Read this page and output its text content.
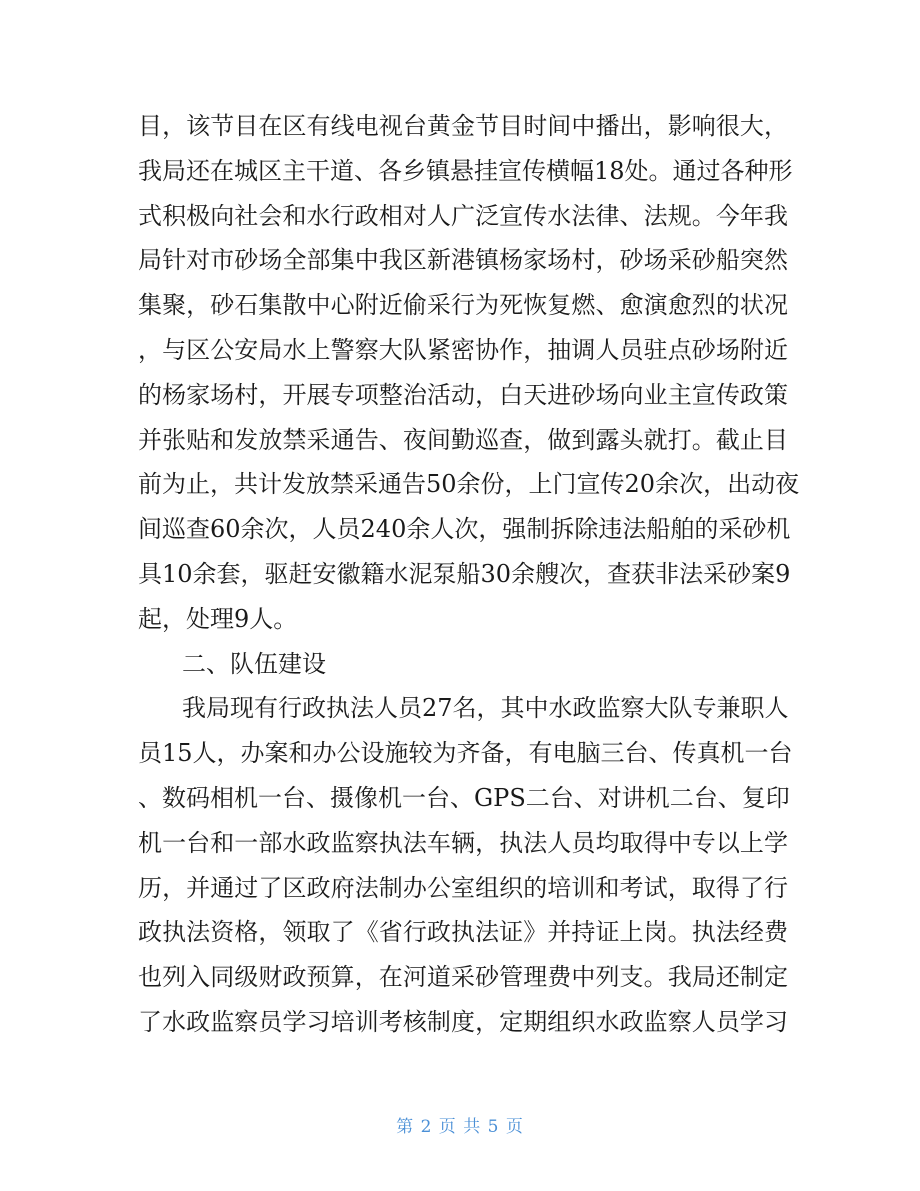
目，该节目在区有线电视台黄金节目时间中播出，影响很大，
我局还在城区主干道、各乡镇悬挂宣传横幅18处。通过各种形
式积极向社会和水行政相对人广泛宣传水法律、法规。今年我
局针对市砂场全部集中我区新港镇杨家场村，砂场采砂船突然
集聚，砂石集散中心附近偷采行为死恢复燃、愈演愈烈的状况
，与区公安局水上警察大队紧密协作，抽调人员驻点砂场附近
的杨家场村，开展专项整治活动，白天进砂场向业主宣传政策
并张贴和发放禁采通告、夜间勤巡查，做到露头就打。截止目
前为止，共计发放禁采通告50余份，上门宣传20余次，出动夜
间巡查60余次，人员240余人次，强制拆除违法船舶的采砂机
具10余套，驱赶安徽籍水泥泵船30余艘次，查获非法采砂案9
起，处理9人。
二、队伍建设
我局现有行政执法人员27名，其中水政监察大队专兼职人
员15人，办案和办公设施较为齐备，有电脑三台、传真机一台
、数码相机一台、摄像机一台、GPS二台、对讲机二台、复印
机一台和一部水政监察执法车辆，执法人员均取得中专以上学
历，并通过了区政府法制办公室组织的培训和考试，取得了行
政执法资格，领取了《省行政执法证》并持证上岗。执法经费
也列入同级财政预算，在河道采砂管理费中列支。我局还制定
了水政监察员学习培训考核制度，定期组织水政监察人员学习
第 2 页 共 5 页
